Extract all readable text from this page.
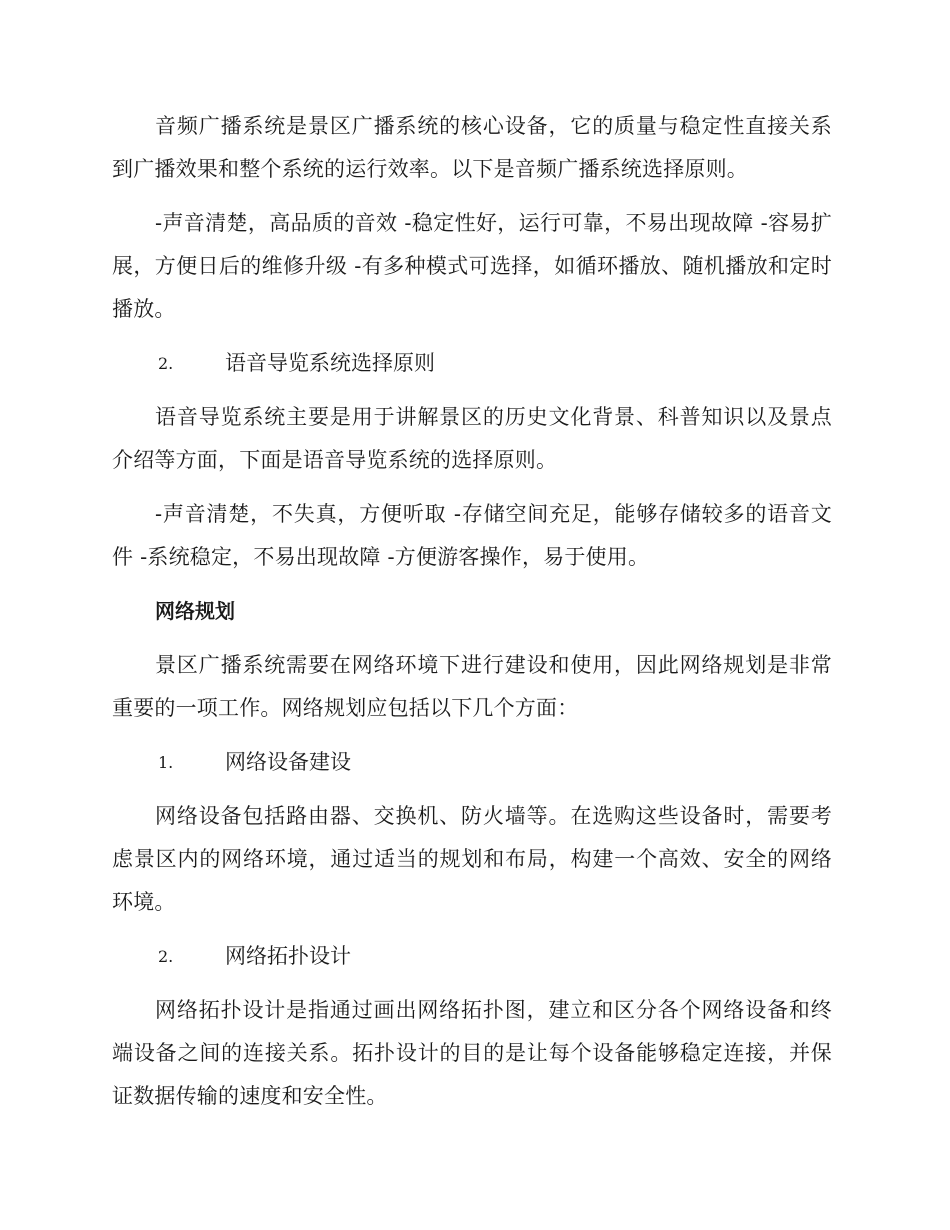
音频广播系统是景区广播系统的核心设备，它的质量与稳定性直接关系到广播效果和整个系统的运行效率。以下是音频广播系统选择原则。

-声音清楚，高品质的音效 -稳定性好，运行可靠，不易出现故障 -容易扩展，方便日后的维修升级 -有多种模式可选择，如循环播放、随机播放和定时播放。

2.	语音导览系统选择原则

语音导览系统主要是用于讲解景区的历史文化背景、科普知识以及景点介绍等方面，下面是语音导览系统的选择原则。

-声音清楚，不失真，方便听取 -存储空间充足，能够存储较多的语音文件 -系统稳定，不易出现故障 -方便游客操作，易于使用。

网络规划

景区广播系统需要在网络环境下进行建设和使用，因此网络规划是非常重要的一项工作。网络规划应包括以下几个方面：

1.	网络设备建设

网络设备包括路由器、交换机、防火墙等。在选购这些设备时，需要考虑景区内的网络环境，通过适当的规划和布局，构建一个高效、安全的网络环境。

2.	网络拓扑设计

网络拓扑设计是指通过画出网络拓扑图，建立和区分各个网络设备和终端设备之间的连接关系。拓扑设计的目的是让每个设备能够稳定连接，并保证数据传输的速度和安全性。
